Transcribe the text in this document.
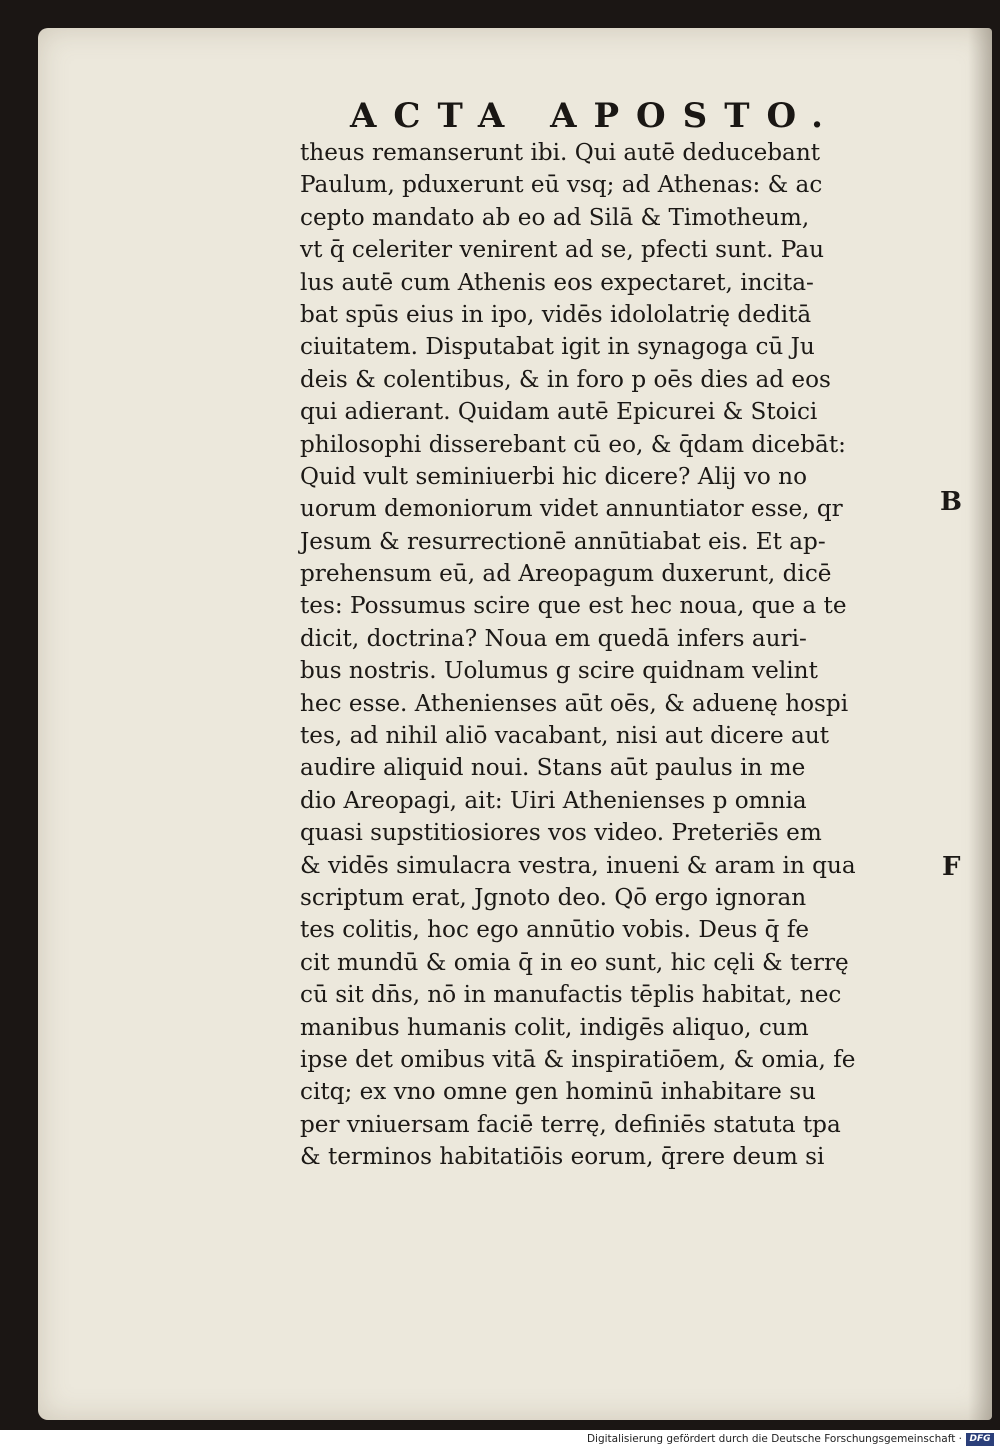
ACTA APOSTO.
theus remanserunt ibi. Qui autē deducebant
Paulum, pduxerunt eū vsq; ad Athenas: & ac
cepto mandato ab eo ad Silā & Timotheum,
vt q̄ celeriter venirent ad se, pfecti sunt. Pau
lus autē cum Athenis eos expectaret, incita-
bat spūs eius in ipo, vidēs idololatrię deditā
ciuitatem. Disputabat igit in synagoga cū Ju
deis & colentibus, & in foro p oēs dies ad eos
qui adierant. Quidam autē Epicurei & Stoici
philosophi disserebant cū eo, & q̄dam dicebāt:
Quid vult seminiuerbi hic dicere? Alij vo no
uorum demoniorum videt annuntiator esse, qr
Jesum & resurrectionē annūtiabat eis. Et ap-
prehensum eū, ad Areopagum duxerunt, dicē
tes: Possumus scire que est hec noua, que a te
dicit, doctrina? Noua em quedā infers auri-
bus nostris. Uolumus g scire quidnam velint
hec esse. Athenienses aūt oēs, & aduenę hospi
tes, ad nihil aliō vacabant, nisi aut dicere aut
audire aliquid noui. Stans aūt paulus in me
dio Areopagi, ait: Uiri Athenienses p omnia
quasi supstitiosiores vos video. Preteriēs em
& vidēs simulacra vestra, inueni & aram in qua
scriptum erat, Jgnoto deo. Qō ergo ignoran
tes colitis, hoc ego annūtio vobis. Deus q̄ fe
cit mundū & omia q̄ in eo sunt, hic cęli & terrę
cū sit dn̄s, nō in manufactis tēplis habitat, nec
manibus humanis colit, indigēs aliquo, cum
ipse det omibus vitā & inspiratiōem, & omia, fe
citq; ex vno omne gen hominū inhabitare su
per vniuersam faciē terrę, definiēs statuta tpa
& terminos habitatiōis eorum, q̄rere deum si
B
F
Digitalisierung gefördert durch die Deutsche Forschungsgemeinschaft · DFG
